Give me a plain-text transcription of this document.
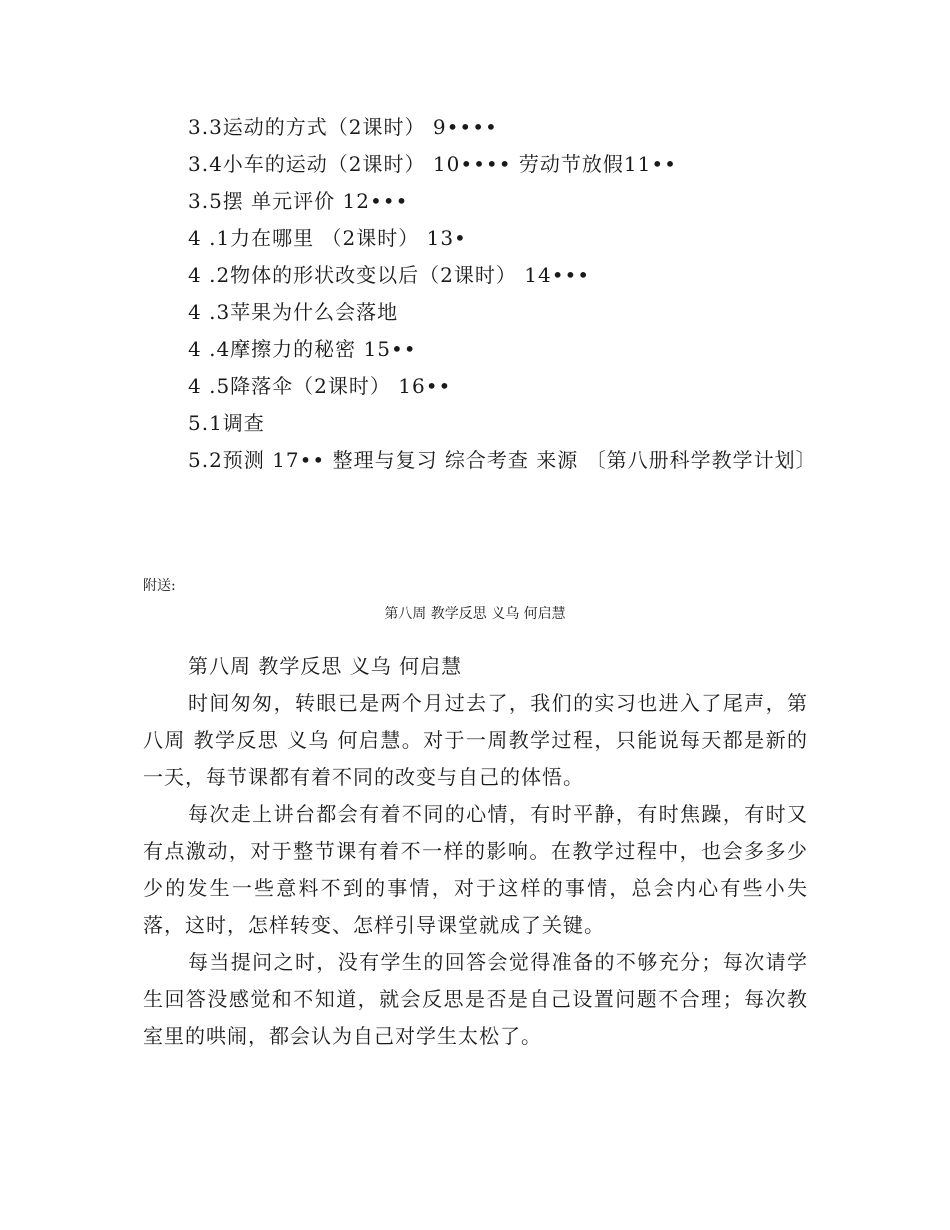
3.3运动的方式（2课时） 9••••
3.4小车的运动（2课时） 10•••• 劳动节放假11••
3.5摆 单元评价 12•••
4 .1力在哪里 （2课时） 13•
4 .2物体的形状改变以后（2课时） 14•••
4 .3苹果为什么会落地
4 .4摩擦力的秘密 15••
4 .5降落伞（2课时） 16••
5.1调查
5.2预测 17•• 整理与复习 综合考查 来源 〔第八册科学教学计划〕
附送:
第八周 教学反思 义乌 何启慧

第八周 教学反思 义乌 何启慧

时间匆匆，转眼已是两个月过去了，我们的实习也进入了尾声，第八周 教学反思 义乌 何启慧。对于一周教学过程，只能说每天都是新的一天，每节课都有着不同的改变与自己的体悟。

每次走上讲台都会有着不同的心情，有时平静，有时焦躁，有时又有点激动，对于整节课有着不一样的影响。在教学过程中，也会多多少少的发生一些意料不到的事情，对于这样的事情，总会内心有些小失落，这时，怎样转变、怎样引导课堂就成了关键。

每当提问之时，没有学生的回答会觉得准备的不够充分；每次请学生回答没感觉和不知道，就会反思是否是自己设置问题不合理；每次教室里的哄闹，都会认为自己对学生太松了。
